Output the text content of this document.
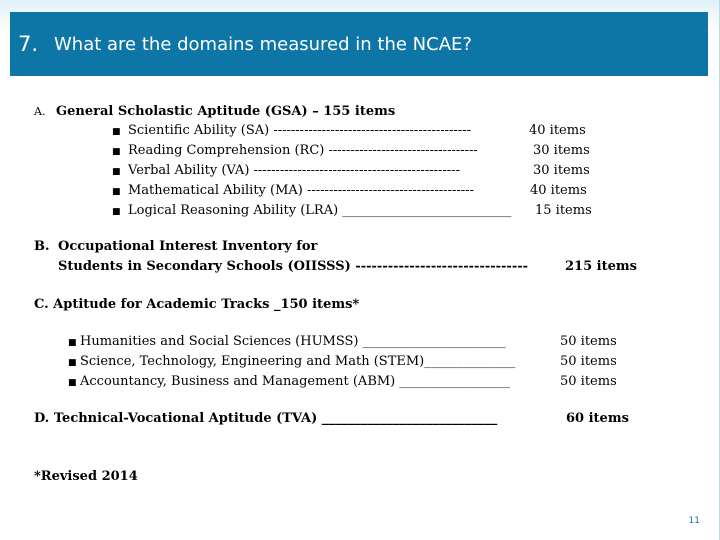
7. What are the domains measured in the NCAE?
A. General Scholastic Aptitude (GSA) – 155 items
■ Scientific Ability (SA) ---------------------------------------------	40 items
■ Reading Comprehension (RC) ----------------------------------	30 items
■ Verbal Ability (VA) -----------------------------------------------	30 items
■ Mathematical Ability (MA) --------------------------------------	40 items
■ Logical Reasoning Ability (LRA) __________________________ 15 items
B. Occupational Interest Inventory for
Students in Secondary Schools (OIISSS) --------------------------------	215 items
C. Aptitude for Academic Tracks _150 items*
■ Humanities and Social Sciences (HUMSS) ______________________	50 items
■ Science, Technology, Engineering and Math (STEM)______________	50 items
■ Accountancy, Business and Management (ABM) _________________	50 items
D. Technical-Vocational Aptitude (TVA) ___________________________	60 items
*Revised 2014
11
